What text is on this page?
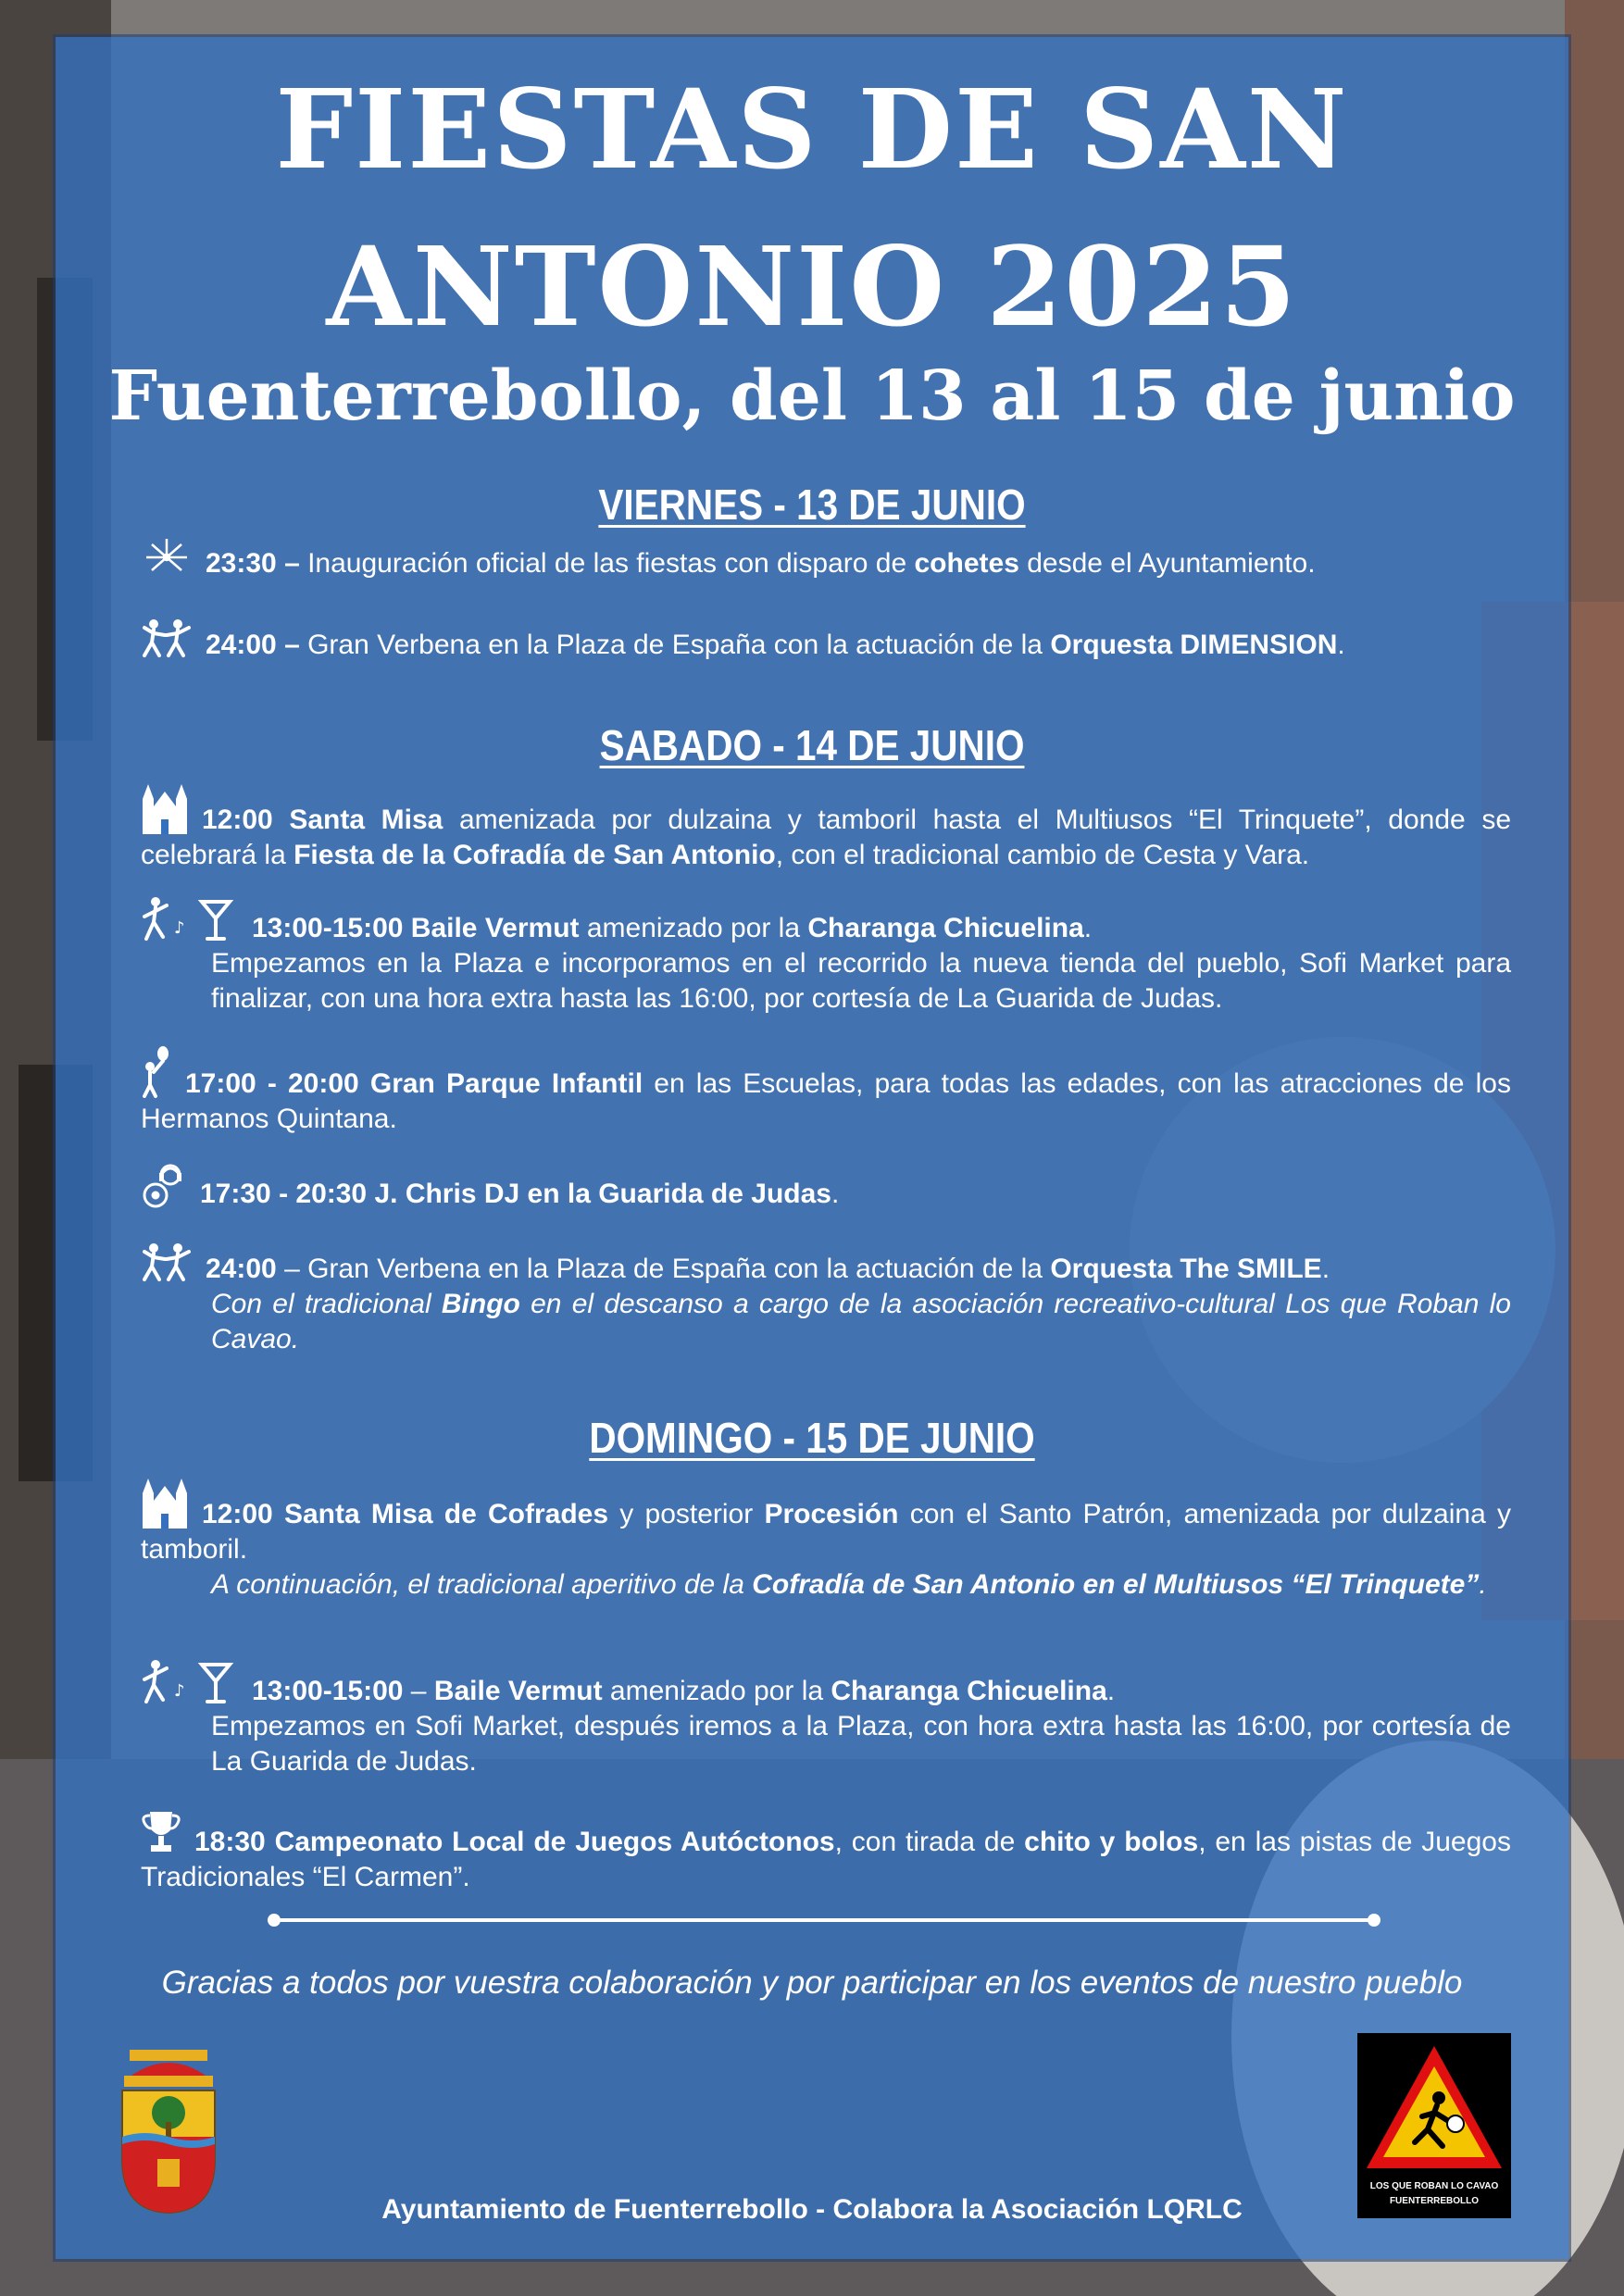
FIESTAS DE SAN
ANTONIO 2025
Fuenterrebollo, del 13 al 15 de junio
VIERNES - 13 DE JUNIO
23:30 – Inauguración oficial de las fiestas con disparo de cohetes desde el Ayuntamiento.
24:00 – Gran Verbena en la Plaza de España con la actuación de la Orquesta DIMENSION.
SABADO - 14 DE JUNIO
12:00 Santa Misa amenizada por dulzaina y tamboril hasta el Multiusos “El Trinquete”, donde se celebrará la Fiesta de la Cofradía de San Antonio, con el tradicional cambio de Cesta y Vara.
♪ 13:00-15:00 Baile Vermut amenizado por la Charanga Chicuelina.
Empezamos en la Plaza e incorporamos en el recorrido la nueva tienda del pueblo, Sofi Market para finalizar, con una hora extra hasta las 16:00, por cortesía de La Guarida de Judas.
17:00 - 20:00 Gran Parque Infantil en las Escuelas, para todas las edades, con las atracciones de los Hermanos Quintana.
17:30 - 20:30 J. Chris DJ en la Guarida de Judas.
24:00 – Gran Verbena en la Plaza de España con la actuación de la Orquesta The SMILE.
Con el tradicional Bingo en el descanso a cargo de la asociación recreativo-cultural Los que Roban lo Cavao.
DOMINGO - 15 DE JUNIO
12:00 Santa Misa de Cofrades y posterior Procesión con el Santo Patrón, amenizada por dulzaina y tamboril.
A continuación, el tradicional aperitivo de la Cofradía de San Antonio en el Multiusos “El Trinquete”.
♪ 13:00-15:00 – Baile Vermut amenizado por la Charanga Chicuelina.
Empezamos en Sofi Market, después iremos a la Plaza, con hora extra hasta las 16:00, por cortesía de La Guarida de Judas.
18:30 Campeonato Local de Juegos Autóctonos, con tirada de chito y bolos, en las pistas de Juegos Tradicionales “El Carmen”.
Gracias a todos por vuestra colaboración y por participar en los eventos de nuestro pueblo
LOS QUE ROBAN LO CAVAO
FUENTERREBOLLO
Ayuntamiento de Fuenterrebollo - Colabora la Asociación LQRLC
